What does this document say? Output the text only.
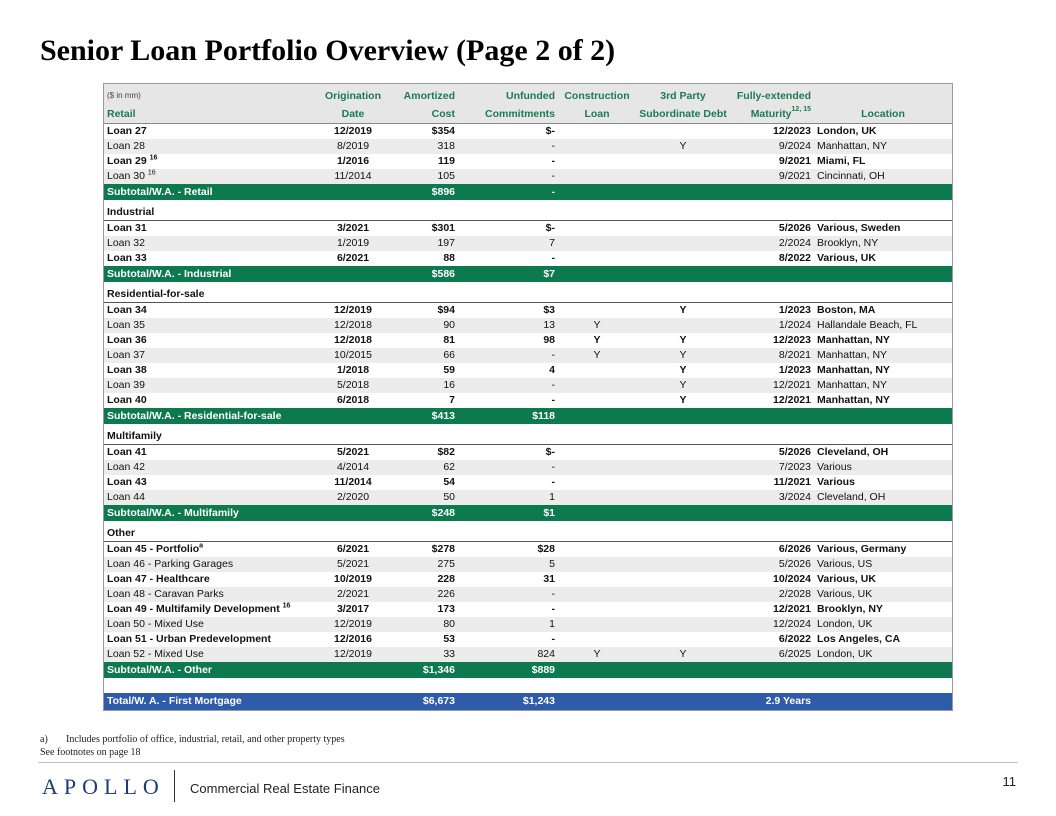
Senior Loan Portfolio Overview (Page 2 of 2)
($ in mm)	Origination	Amortized	Unfunded	Construction	3rd Party	Fully-extended	
Retail	Date	Cost	Commitments	Loan	Subordinate Debt	Maturity$^{12, 15}$	Location
Loan 27	12/2019	$354	$-			12/2023	London, UK
Loan 28	8/2019	318	-		Y	9/2024	Manhattan, NY
Loan 29 $^{16}$	1/2016	119	-			9/2021	Miami, FL
Loan 30 $^{16}$	11/2014	105	-			9/2021	Cincinnati, OH
Subtotal/W.A. - Retail		$896	-				
Industrial							
Loan 31	3/2021	$301	$-			5/2026	Various, Sweden
Loan 32	1/2019	197	7			2/2024	Brooklyn, NY
Loan 33	6/2021	88	-			8/2022	Various, UK
Subtotal/W.A. - Industrial		$586	$7				
Residential-for-sale							
Loan 34	12/2019	$94	$3		Y	1/2023	Boston, MA
Loan 35	12/2018	90	13	Y		1/2024	Hallandale Beach, FL
Loan 36	12/2018	81	98	Y	Y	12/2023	Manhattan, NY
Loan 37	10/2015	66	-	Y	Y	8/2021	Manhattan, NY
Loan 38	1/2018	59	4		Y	1/2023	Manhattan, NY
Loan 39	5/2018	16	-		Y	12/2021	Manhattan, NY
Loan 40	6/2018	7	-		Y	12/2021	Manhattan, NY
Subtotal/W.A. - Residential-for-sale		$413	$118				
Multifamily							
Loan 41	5/2021	$82	$-			5/2026	Cleveland, OH
Loan 42	4/2014	62	-			7/2023	Various
Loan 43	11/2014	54	-			11/2021	Various
Loan 44	2/2020	50	1			3/2024	Cleveland, OH
Subtotal/W.A. - Multifamily		$248	$1				
Other							
Loan 45 - Portfolio$^a$	6/2021	$278	$28			6/2026	Various, Germany
Loan 46 - Parking Garages	5/2021	275	5			5/2026	Various, US
Loan 47 - Healthcare	10/2019	228	31			10/2024	Various, UK
Loan 48 - Caravan Parks	2/2021	226	-			2/2028	Various, UK
Loan 49 - Multifamily Development $^{16}$	3/2017	173	-			12/2021	Brooklyn, NY
Loan 50 - Mixed Use	12/2019	80	1			12/2024	London, UK
Loan 51 - Urban Predevelopment	12/2016	53	-			6/2022	Los Angeles, CA
Loan 52 - Mixed Use	12/2019	33	824	Y	Y	6/2025	London, UK
Subtotal/W.A. - Other		$1,346	$889				

Total/W. A. - First Mortgage		$6,673	$1,243			2.9 Years	
a) Includes portfolio of office, industrial, retail, and other property types
See footnotes on page 18
APOLLO Commercial Real Estate Finance	11
